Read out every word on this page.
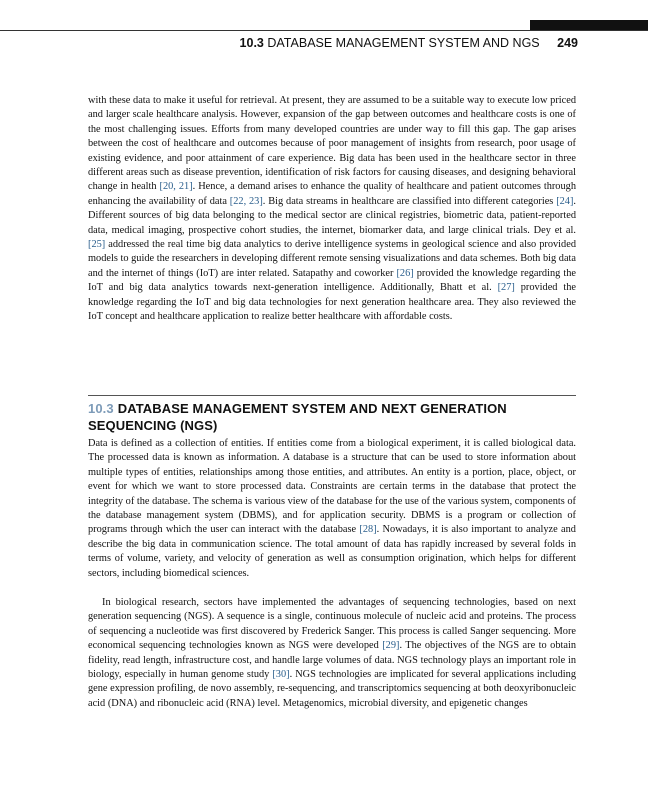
10.3 DATABASE MANAGEMENT SYSTEM AND NGS 249

with these data to make it useful for retrieval. At present, they are assumed to be a suitable way to execute low priced and larger scale healthcare analysis. However, expansion of the gap between outcomes and healthcare costs is one of the most challenging issues. Efforts from many developed countries are under way to fill this gap. The gap arises between the cost of healthcare and outcomes because of poor management of insights from research, poor usage of existing evidence, and poor attainment of care experience. Big data has been used in the healthcare sector in three different areas such as disease prevention, identification of risk factors for causing diseases, and designing behavioral change in health [20, 21]. Hence, a demand arises to enhance the quality of healthcare and patient outcomes through enhancing the availability of data [22, 23]. Big data streams in healthcare are classified into different categories [24]. Different sources of big data belonging to the medical sector are clinical registries, biometric data, patient-reported data, medical imaging, prospective cohort studies, the internet, biomarker data, and large clinical trials. Dey et al. [25] addressed the real time big data analytics to derive intelligence systems in geological science and also provided models to guide the researchers in developing different remote sensing visualizations and data schemes. Both big data and the internet of things (IoT) are inter related. Satapathy and coworker [26] provided the knowledge regarding the IoT and big data analytics towards next-generation intelligence. Additionally, Bhatt et al. [27] provided the knowledge regarding the IoT and big data technologies for next generation healthcare area. They also reviewed the IoT concept and healthcare application to realize better healthcare with affordable costs.

10.3 DATABASE MANAGEMENT SYSTEM AND NEXT GENERATION SEQUENCING (NGS)

Data is defined as a collection of entities. If entities come from a biological experiment, it is called biological data. The processed data is known as information. A database is a structure that can be used to store information about multiple types of entities, relationships among those entities, and attributes. An entity is a portion, place, object, or event for which we want to store processed data. Constraints are certain terms in the database that protect the integrity of the database. The schema is various view of the database for the use of the various system, components of the database management system (DBMS), and for application security. DBMS is a program or collection of programs through which the user can interact with the database [28]. Nowadays, it is also important to analyze and describe the big data in communication science. The total amount of data has rapidly increased by several folds in terms of volume, variety, and velocity of generation as well as consumption origination, which helps for different sectors, including biomedical sciences.

In biological research, sectors have implemented the advantages of sequencing technologies, based on next generation sequencing (NGS). A sequence is a single, continuous molecule of nucleic acid and proteins. The process of sequencing a nucleotide was first discovered by Frederick Sanger. This process is called Sanger sequencing. More economical sequencing technologies known as NGS were developed [29]. The objectives of the NGS are to obtain fidelity, read length, infrastructure cost, and handle large volumes of data. NGS technology plays an important role in biology, especially in human genome study [30]. NGS technologies are implicated for several applications including gene expression profiling, de novo assembly, re-sequencing, and transcriptomics sequencing at both deoxyribonucleic acid (DNA) and ribonucleic acid (RNA) level. Metagenomics, microbial diversity, and epigenetic changes
